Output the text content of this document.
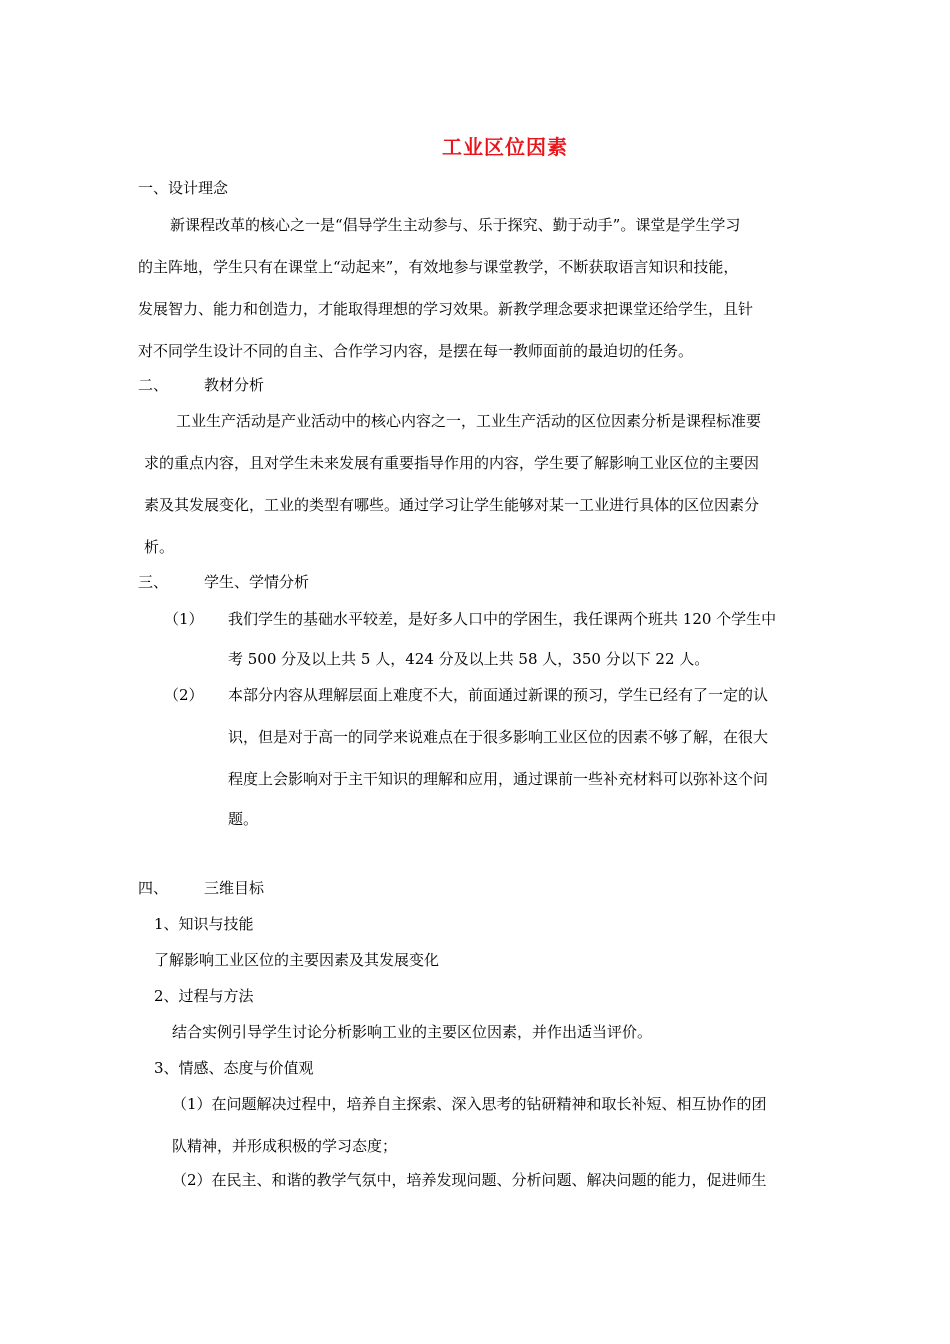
工业区位因素
一、设计理念
新课程改革的核心之一是“倡导学生主动参与、乐于探究、勤于动手”。课堂是学生学习
的主阵地，学生只有在课堂上“动起来”，有效地参与课堂教学，不断获取语言知识和技能，
发展智力、能力和创造力，才能取得理想的学习效果。新教学理念要求把课堂还给学生，且针
对不同学生设计不同的自主、合作学习内容，是摆在每一教师面前的最迫切的任务。
二、 教材分析
工业生产活动是产业活动中的核心内容之一，工业生产活动的区位因素分析是课程标准要
求的重点内容，且对学生未来发展有重要指导作用的内容，学生要了解影响工业区位的主要因
素及其发展变化，工业的类型有哪些。通过学习让学生能够对某一工业进行具体的区位因素分
析。
三、 学生、学情分析
（1） 我们学生的基础水平较差，是好多人口中的学困生，我任课两个班共 120 个学生中
考 500 分及以上共 5 人，424 分及以上共 58 人，350 分以下 22 人。
（2） 本部分内容从理解层面上难度不大，前面通过新课的预习，学生已经有了一定的认
识，但是对于高一的同学来说难点在于很多影响工业区位的因素不够了解，在很大
程度上会影响对于主干知识的理解和应用，通过课前一些补充材料可以弥补这个问
题。
四、 三维目标
1、知识与技能
了解影响工业区位的主要因素及其发展变化
2、过程与方法
结合实例引导学生讨论分析影响工业的主要区位因素，并作出适当评价。
3、情感、态度与价值观
（1）在问题解决过程中，培养自主探索、深入思考的钻研精神和取长补短、相互协作的团
队精神，并形成积极的学习态度；
（2）在民主、和谐的教学气氛中，培养发现问题、分析问题、解决问题的能力，促进师生
